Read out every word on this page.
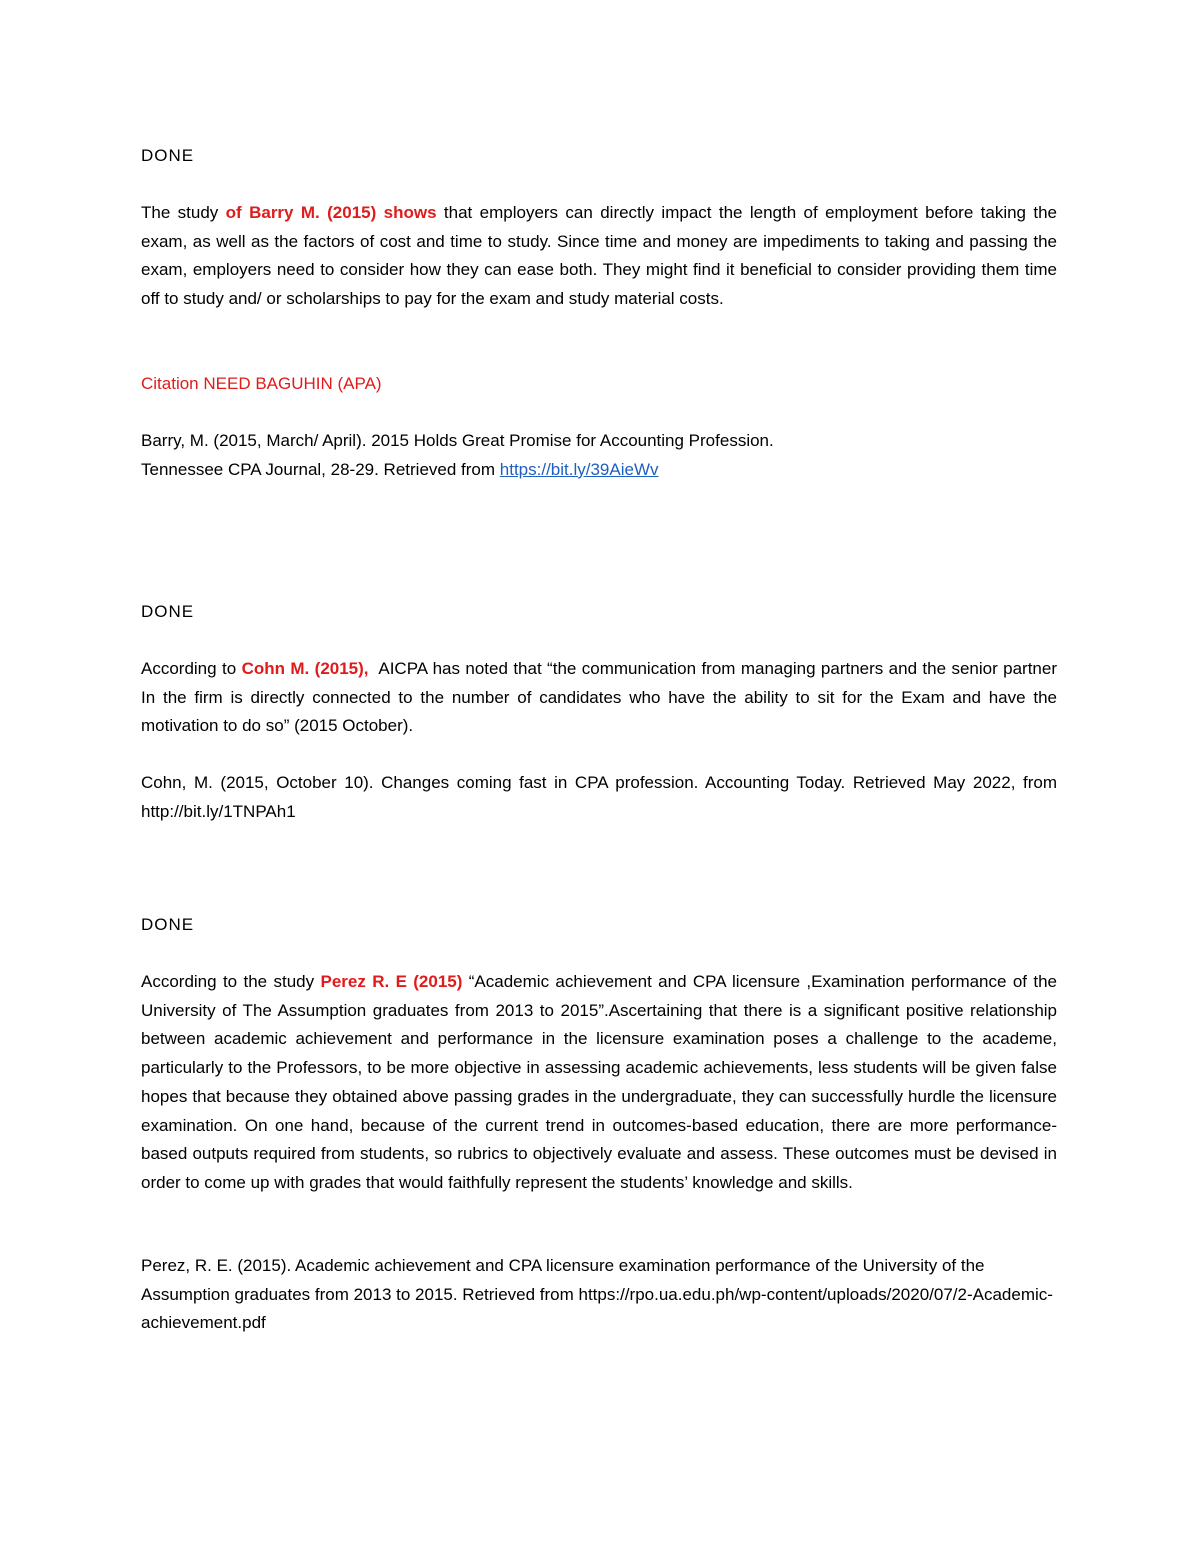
DONE

The study of Barry M. (2015) shows that employers can directly impact the length of employment before taking the exam, as well as the factors of cost and time to study. Since time and money are impediments to taking and passing the exam, employers need to consider how they can ease both. They might find it beneficial to consider providing them time off to study and/ or scholarships to pay for the exam and study material costs.

Citation NEED BAGUHIN (APA)

Barry, M. (2015, March/ April). 2015 Holds Great Promise for Accounting Profession.

Tennessee CPA Journal, 28-29. Retrieved from https://bit.ly/39AieWv

DONE

According to Cohn M. (2015),  AICPA has noted that “the communication from managing partners and the senior partner In the firm is directly connected to the number of candidates who have the ability to sit for the Exam and have the motivation to do so” (2015 October).

Cohn, M. (2015, October 10). Changes coming fast in CPA profession. Accounting Today. Retrieved May 2022, from http://bit.ly/1TNPAh1

DONE

According to the study Perez R. E (2015) “Academic achievement and CPA licensure ,Examination performance of the University of The Assumption graduates from 2013 to 2015”.Ascertaining that there is a significant positive relationship between academic achievement and performance in the licensure examination poses a challenge to the academe, particularly to the Professors, to be more objective in assessing academic achievements, less students will be given false hopes that because they obtained above passing grades in the undergraduate, they can successfully hurdle the licensure examination. On one hand, because of the current trend in outcomes-based education, there are more performance-based outputs required from students, so rubrics to objectively evaluate and assess. These outcomes must be devised in order to come up with grades that would faithfully represent the students’ knowledge and skills.

Perez, R. E. (2015). Academic achievement and CPA licensure examination performance of the University of the Assumption graduates from 2013 to 2015. Retrieved from https://rpo.ua.edu.ph/wp-content/uploads/2020/07/2-Academic-achievement.pdf
